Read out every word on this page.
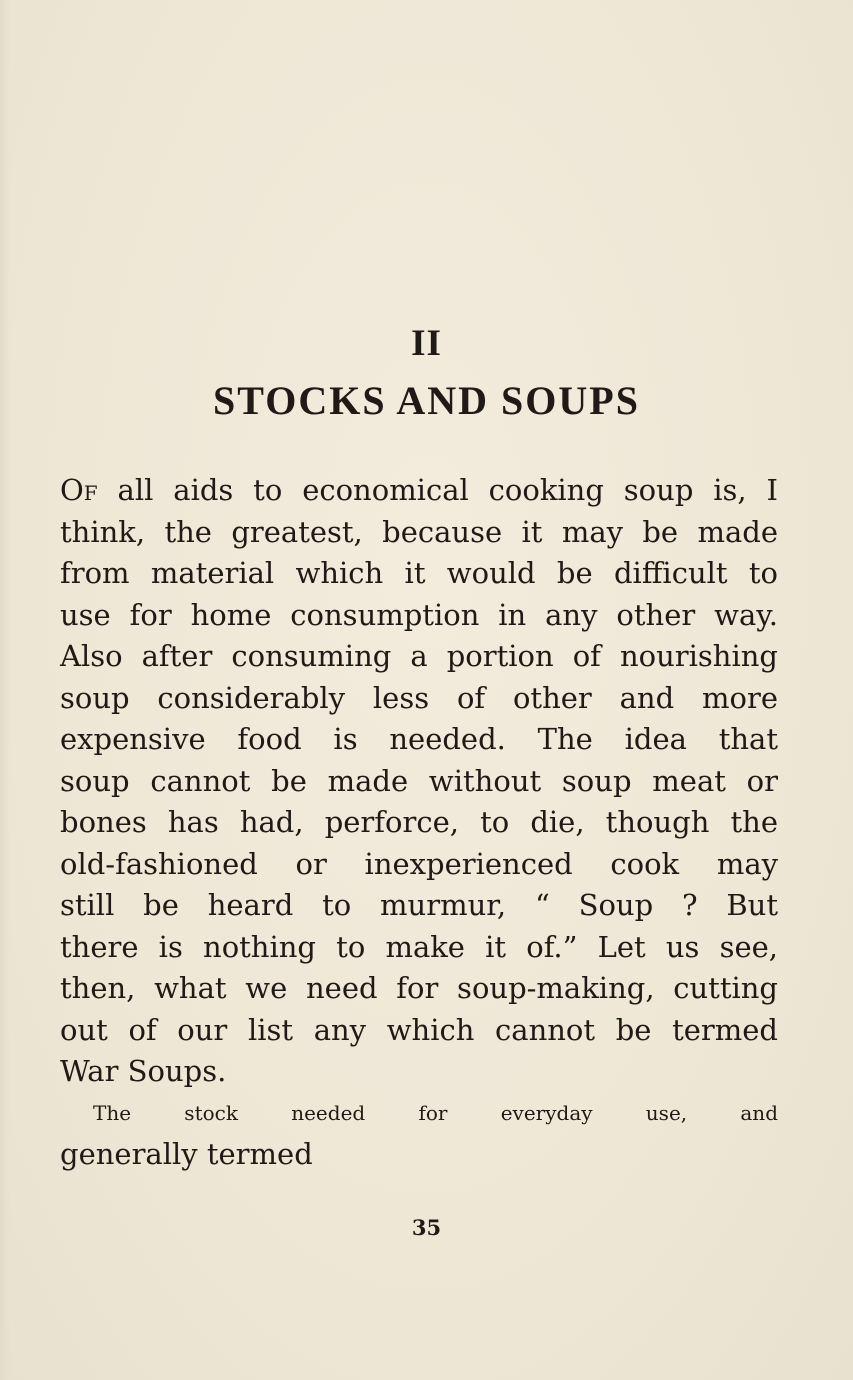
II
STOCKS AND SOUPS
Of all aids to economical cooking soup is, I
think, the greatest, because it may be made
from material which it would be difficult to
use for home consumption in any other way.
Also after consuming a portion of nourishing
soup considerably less of other and more
expensive food is needed. The idea that
soup cannot be made without soup meat or
bones has had, perforce, to die, though the
old-fashioned or inexperienced cook may
still be heard to murmur, “ Soup ? But
there is nothing to make it of.” Let us see,
then, what we need for soup-making, cutting
out of our list any which cannot be termed
War Soups.
The stock needed for everyday use, and
generally termed
35
